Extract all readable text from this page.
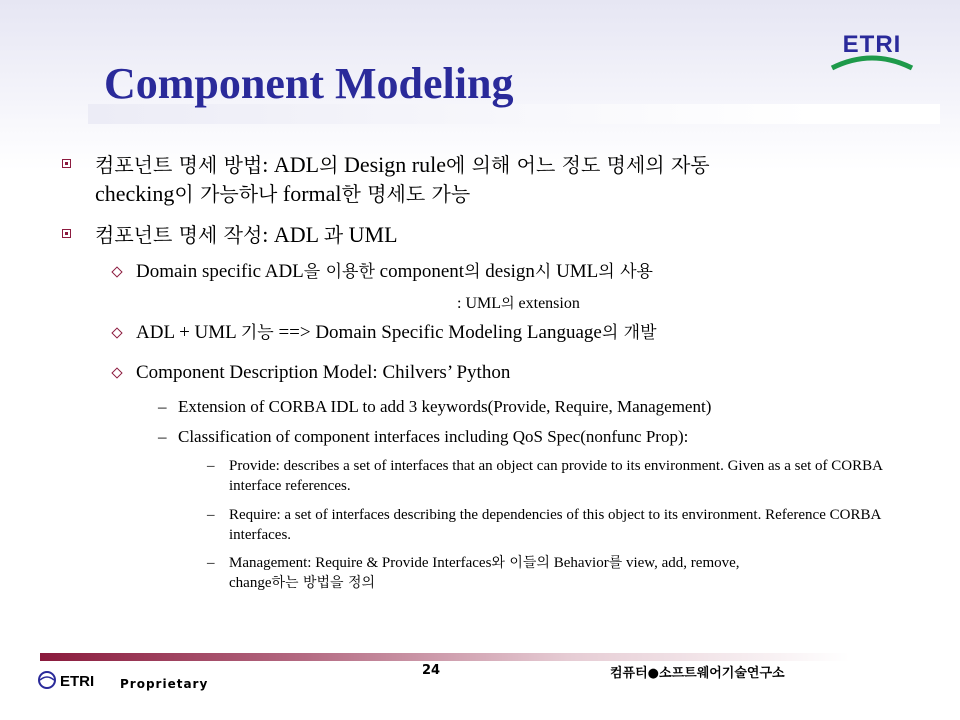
Component Modeling
ETRI
컴포넌트 명세 방법: ADL의 Design rule에 의해 어느 정도 명세의 자동
checking이 가능하나 formal한 명세도 가능
컴포넌트 명세 작성: ADL 과 UML
Domain specific ADL을 이용한 component의 design시 UML의 사용
: UML의 extension
ADL + UML 기능 ==> Domain Specific Modeling Language의 개발
Component Description Model: Chilvers’ Python
– Extension of CORBA IDL to add 3 keywords(Provide, Require, Management)
– Classification of component interfaces including QoS Spec(nonfunc Prop):
– Provide: describes a set of interfaces that an object can provide to its environment. Given as a set of CORBA interface references.
– Require: a set of interfaces describing the dependencies of this object to its environment. Reference CORBA interfaces.
– Management: Require & Provide Interfaces와 이들의 Behavior를 view, add, remove,
change하는 방법을 정의
24	컴퓨터●소프트웨어기술연구소
ETRI Proprietary
